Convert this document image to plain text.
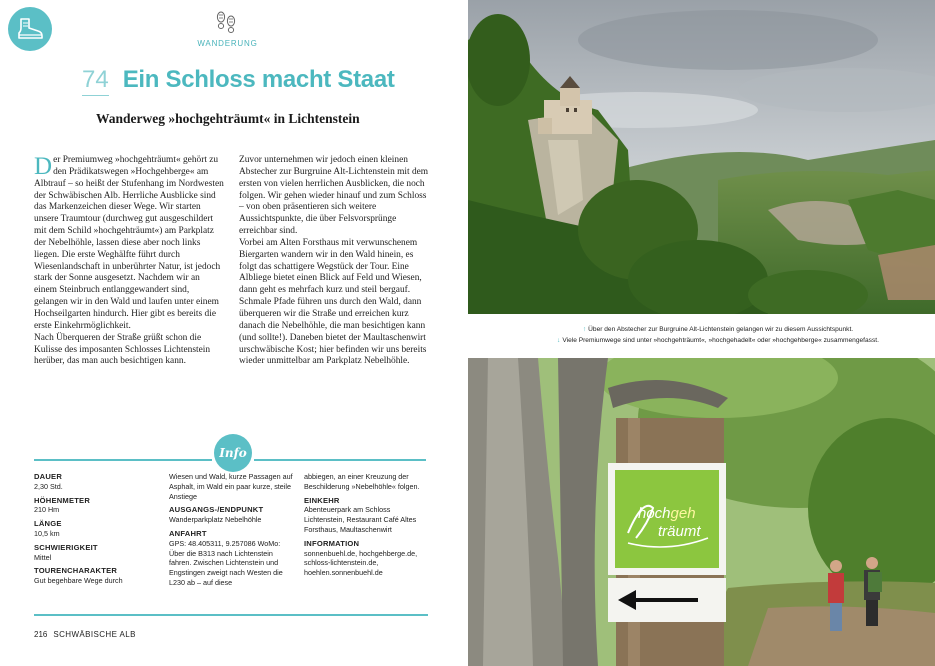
WANDERUNG
74 Ein Schloss macht Staat
Wanderweg »hochgehträumt« in Lichtenstein

Der Premiumweg »hochgehträumt« gehört zu den Prädikatswegen »Hochgehberge« am Albtrauf – so heißt der Stufenhang im Nordwesten der Schwäbischen Alb. Herrliche Ausblicke sind das Markenzeichen dieser Wege. Wir starten unsere Traumtour (durchweg gut ausgeschildert mit dem Schild »hochgehträumt«) am Parkplatz der Nebelhöhle, lassen diese aber noch links liegen. Die erste Weghälfte führt durch Wiesenlandschaft in unberührter Natur, ist jedoch stark der Sonne ausgesetzt. Nachdem wir an einem Steinbruch entlanggewandert sind, gelangen wir in den Wald und laufen unter einem Hochseilgarten hindurch. Hier gibt es bereits die erste Einkehrmöglichkeit.

Nach Überqueren der Straße grüßt schon die Kulisse des imposanten Schlosses Lichtenstein herüber, das man auch besichtigen kann.

Zuvor unternehmen wir jedoch einen kleinen Abstecher zur Burgruine Alt-Lichtenstein mit dem ersten von vielen herrlichen Ausblicken, die noch folgen. Wir gehen wieder hinauf und zum Schloss – von oben präsentieren sich weitere Aussichtspunkte, die über Felsvorsprünge erreichbar sind.

Vorbei am Alten Forsthaus mit verwunschenem Biergarten wandern wir in den Wald hinein, es folgt das schattigere Wegstück der Tour. Eine Albliege bietet einen Blick auf Feld und Wiesen, dann geht es mehrfach kurz und steil bergauf. Schmale Pfade führen uns durch den Wald, dann überqueren wir die Straße und erreichen kurz danach die Nebelhöhle, die man besichtigen kann (und sollte!). Daneben bietet der Maultaschenwirt urschwäbische Kost; hier befinden wir uns bereits wieder unmittelbar am Parkplatz Nebelhöhle.

Info
DAUER
2,30 Std.
HÖHENMETER
210 Hm
LÄNGE
10,5 km
SCHWIERIGKEIT
Mittel
TOURENCHARAKTER
Gut begehbare Wege durch
Wiesen und Wald, kurze Passagen auf Asphalt, im Wald ein paar kurze, steile Anstiege
AUSGANGS-/ENDPUNKT
Wanderparkplatz Nebelhöhle
ANFAHRT
GPS: 48.405311, 9.257086 WoMo: Über die B313 nach Lichtenstein fahren. Zwischen Lichtenstein und Engstingen zweigt nach Westen die L230 ab – auf diese
abbiegen, an einer Kreuzung der Beschilderung »Nebelhöhle« folgen.
EINKEHR
Abenteuerpark am Schloss Lichtenstein, Restaurant Café Altes Forsthaus, Maultaschenwirt
INFORMATION
sonnenbuehl.de, hochgehberge.de, schloss-lichtenstein.de, hoehlen.sonnenbuehl.de
216 SCHWÄBISCHE ALB
↑ Über den Abstecher zur Burgruine Alt-Lichtenstein gelangen wir zu diesem Aussichtspunkt.
↓ Viele Premiumwege sind unter »hochgehträumt«, »hochgehadelt« oder »hochgehberge« zusammengefasst.
hochgeh
träumt
